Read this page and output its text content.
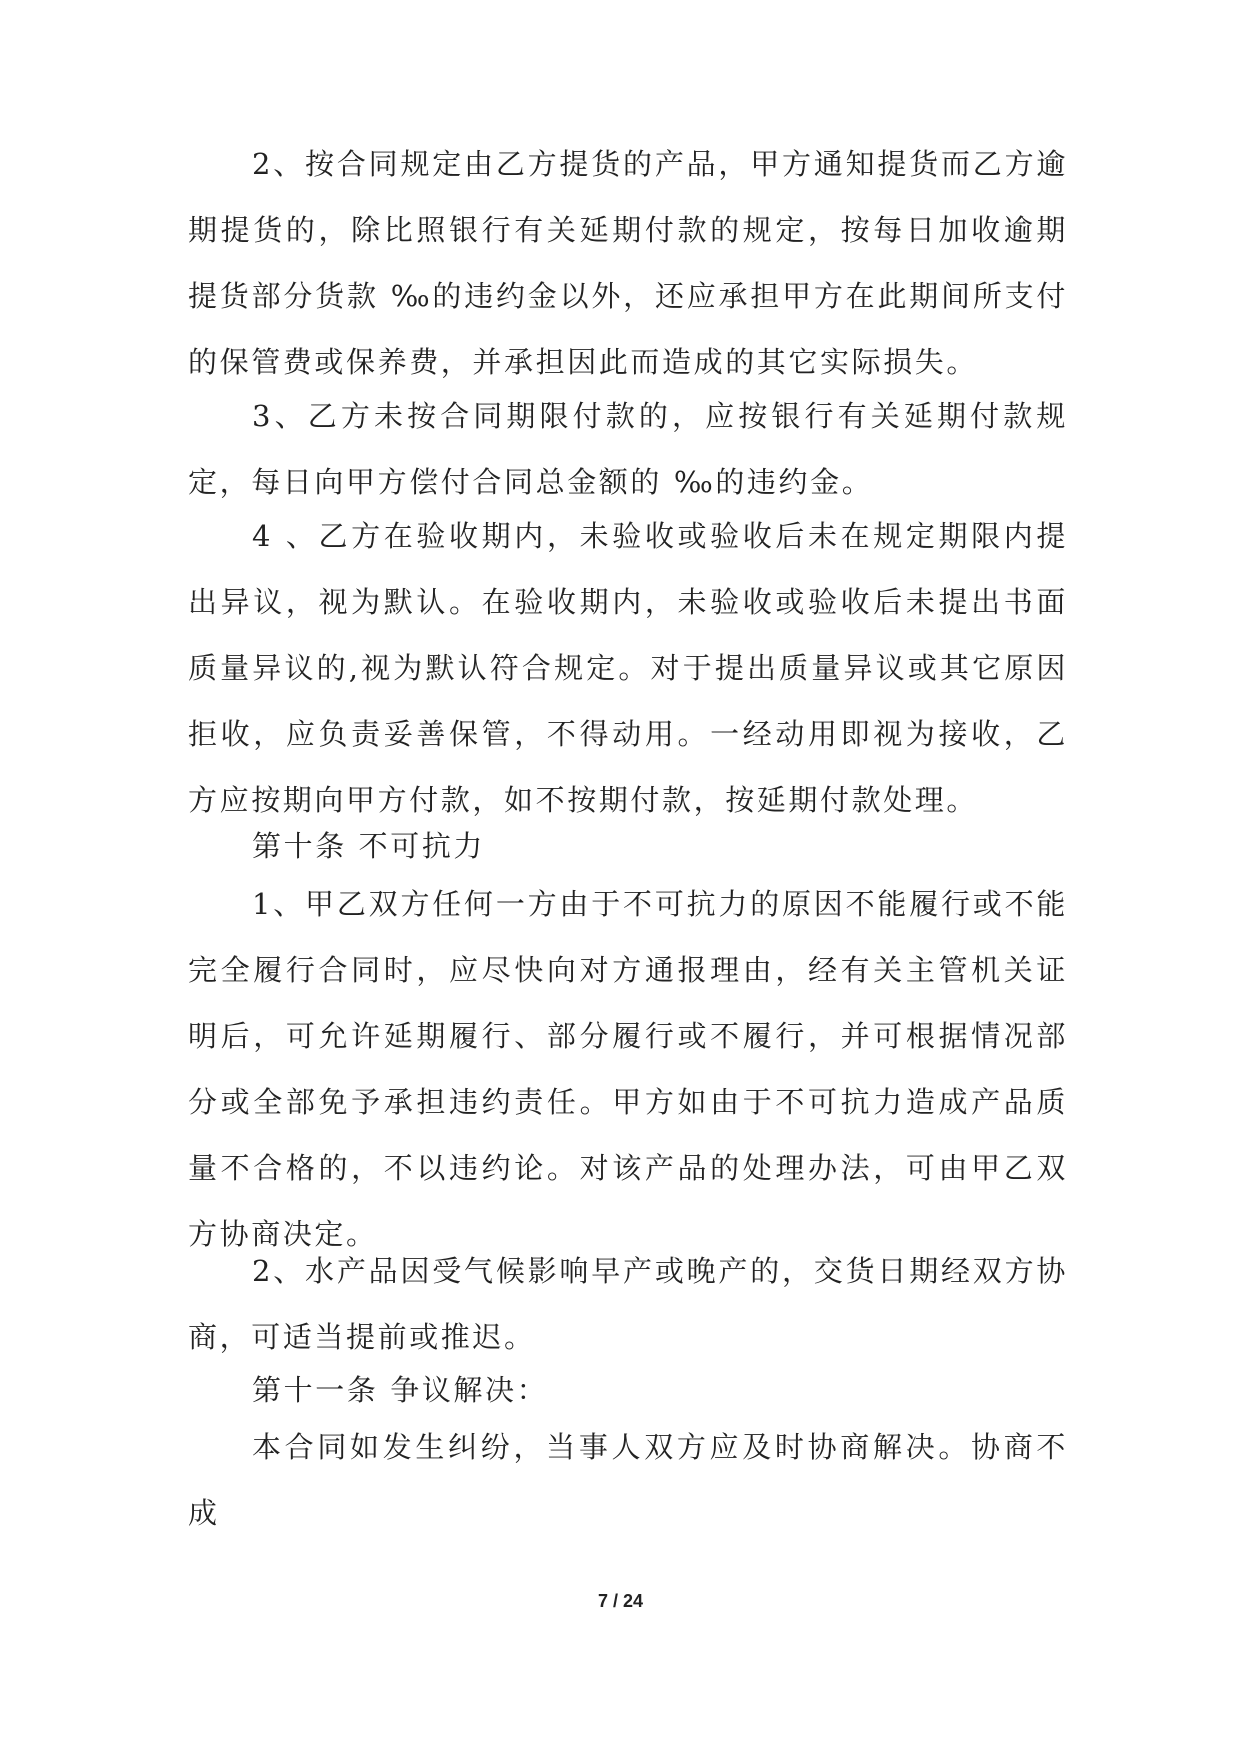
2、按合同规定由乙方提货的产品，甲方通知提货而乙方逾期提货的，除比照银行有关延期付款的规定，按每日加收逾期提货部分货款 ‰的违约金以外，还应承担甲方在此期间所支付的保管费或保养费，并承担因此而造成的其它实际损失。

3、乙方未按合同期限付款的，应按银行有关延期付款规定，每日向甲方偿付合同总金额的 ‰的违约金。

4 、乙方在验收期内，未验收或验收后未在规定期限内提出异议，视为默认。在验收期内，未验收或验收后未提出书面质量异议的,视为默认符合规定。对于提出质量异议或其它原因拒收，应负责妥善保管，不得动用。一经动用即视为接收，乙方应按期向甲方付款，如不按期付款，按延期付款处理。

第十条 不可抗力

1、甲乙双方任何一方由于不可抗力的原因不能履行或不能完全履行合同时，应尽快向对方通报理由，经有关主管机关证明后，可允许延期履行、部分履行或不履行，并可根据情况部分或全部免予承担违约责任。甲方如由于不可抗力造成产品质量不合格的，不以违约论。对该产品的处理办法，可由甲乙双方协商决定。

2、水产品因受气候影响早产或晚产的，交货日期经双方协商，可适当提前或推迟。

第十一条 争议解决：

本合同如发生纠纷，当事人双方应及时协商解决。协商不成

7 / 24
